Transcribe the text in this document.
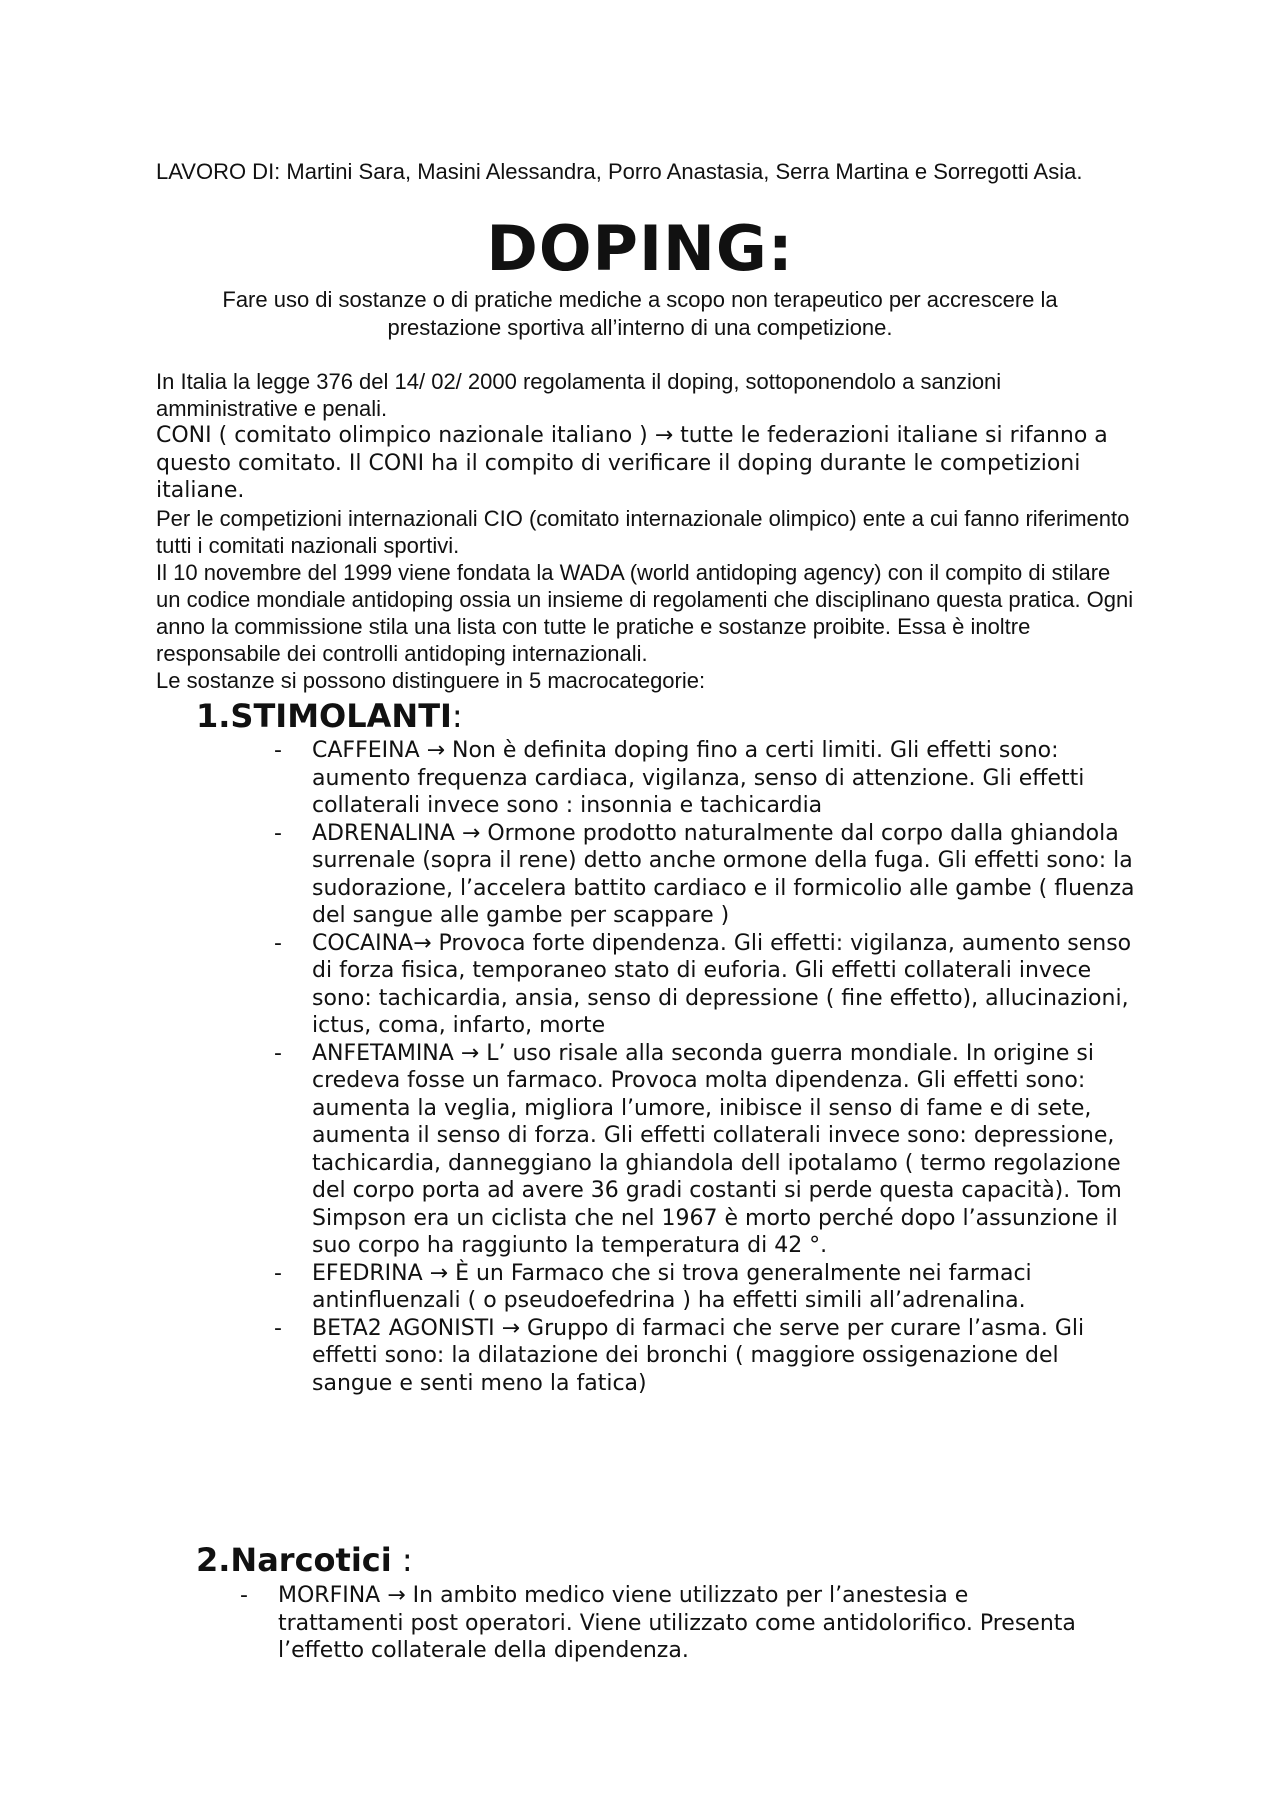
LAVORO DI: Martini Sara, Masini Alessandra, Porro Anastasia, Serra Martina e Sorregotti Asia.
DOPING:
Fare uso di sostanze o di pratiche mediche a scopo non terapeutico per accrescere la prestazione sportiva all’interno di una competizione.

In Italia la legge 376 del 14/ 02/ 2000 regolamenta il doping, sottoponendolo a sanzioni amministrative e penali.

CONI ( comitato olimpico nazionale italiano ) → tutte le federazioni italiane si rifanno a questo comitato. Il CONI ha il compito di verificare il doping durante le competizioni italiane.

Per le competizioni internazionali CIO (comitato internazionale olimpico) ente a cui fanno riferimento tutti i comitati nazionali sportivi.

Il 10 novembre del 1999 viene fondata la WADA (world antidoping agency) con il compito di stilare un codice mondiale antidoping ossia un insieme di regolamenti che disciplinano questa pratica. Ogni anno la commissione stila una lista con tutte le pratiche e sostanze proibite. Essa è inoltre responsabile dei controlli antidoping internazionali.

Le sostanze si possono distinguere in 5 macrocategorie:

1.STIMOLANTI:
- CAFFEINA → Non è definita doping fino a certi limiti. Gli effetti sono: aumento frequenza cardiaca, vigilanza, senso di attenzione. Gli effetti collaterali invece sono : insonnia e tachicardia
- ADRENALINA → Ormone prodotto naturalmente dal corpo dalla ghiandola surrenale (sopra il rene) detto anche ormone della fuga. Gli effetti sono: la sudorazione, l’accelera battito cardiaco e il formicolio alle gambe ( fluenza del sangue alle gambe per scappare )
- COCAINA→ Provoca forte dipendenza. Gli effetti: vigilanza, aumento senso di forza fisica, temporaneo stato di euforia. Gli effetti collaterali invece sono: tachicardia, ansia, senso di depressione ( fine effetto), allucinazioni, ictus, coma, infarto, morte
- ANFETAMINA → L’ uso risale alla seconda guerra mondiale. In origine si credeva fosse un farmaco. Provoca molta dipendenza. Gli effetti sono: aumenta la veglia, migliora l’umore, inibisce il senso di fame e di sete, aumenta il senso di forza. Gli effetti collaterali invece sono: depressione, tachicardia, danneggiano la ghiandola dell ipotalamo ( termo regolazione del corpo porta ad avere 36 gradi costanti si perde questa capacità). Tom Simpson era un ciclista che nel 1967 è morto perché dopo l’assunzione il suo corpo ha raggiunto la temperatura di 42 °.
- EFEDRINA → È un Farmaco che si trova generalmente nei farmaci antinfluenzali ( o pseudoefedrina ) ha effetti simili all’adrenalina.
- BETA2 AGONISTI → Gruppo di farmaci che serve per curare l’asma. Gli effetti sono: la dilatazione dei bronchi ( maggiore ossigenazione del sangue e senti meno la fatica)
2.Narcotici :
- MORFINA → In ambito medico viene utilizzato per l’anestesia e trattamenti post operatori. Viene utilizzato come antidolorifico. Presenta l’effetto collaterale della dipendenza.
